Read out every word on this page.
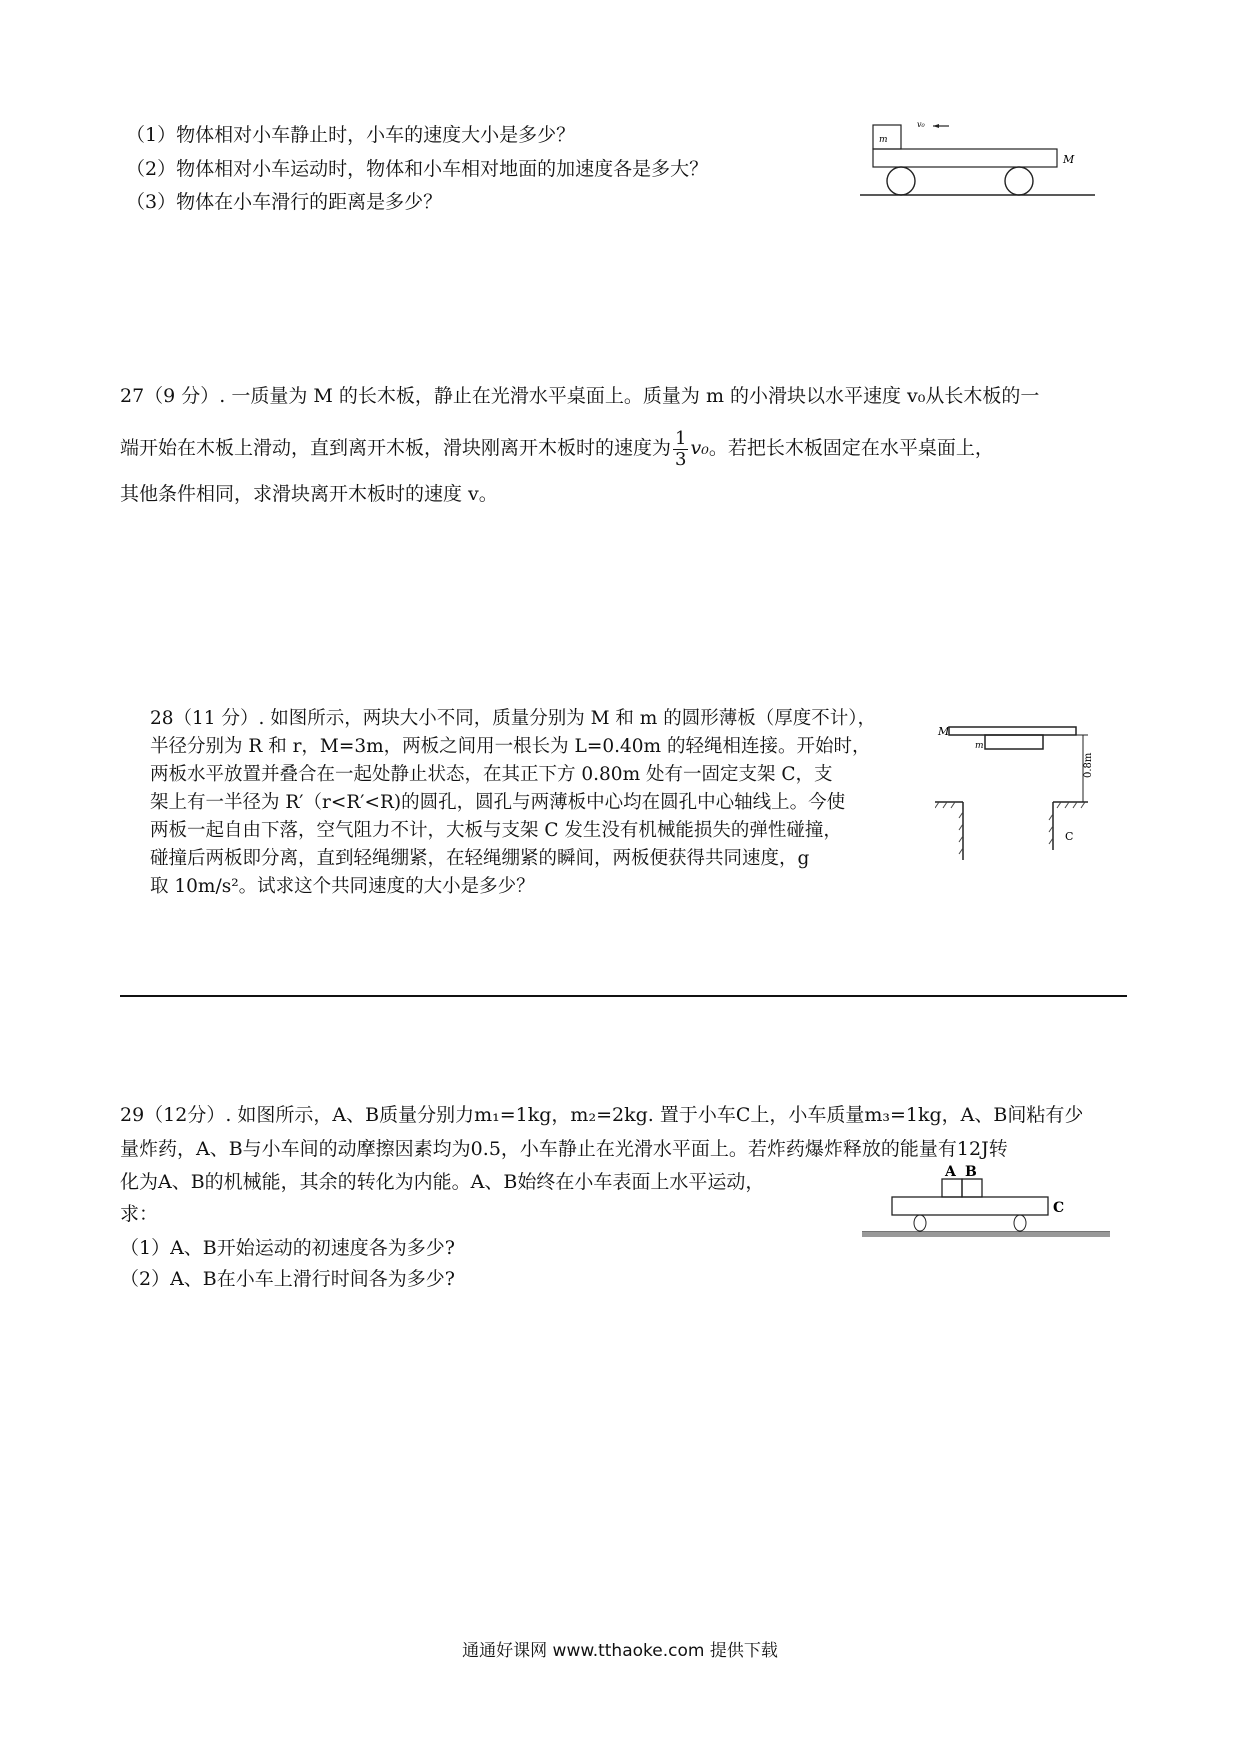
（1）物体相对小车静止时，小车的速度大小是多少？
（2）物体相对小车运动时，物体和小车相对地面的加速度各是多大？
（3）物体在小车滑行的距离是多少？
m
v₀
M
27（9 分）. 一质量为 M 的长木板，静止在光滑水平桌面上。质量为 m 的小滑块以水平速度 v₀从长木板的一
端开始在木板上滑动，直到离开木板，滑块刚离开木板时的速度为 $\frac{1}{3} v_0$。若把长木板固定在水平桌面上，
其他条件相同，求滑块离开木板时的速度 v。
28（11 分）. 如图所示，两块大小不同，质量分别为 M 和 m 的圆形薄板（厚度不计），
半径分别为 R 和 r，M=3m，两板之间用一根长为 L=0.40m 的轻绳相连接。开始时，
两板水平放置并叠合在一起处静止状态，在其正下方 0.80m 处有一固定支架 C，支
架上有一半径为 R′（r<R′<R)的圆孔，圆孔与两薄板中心均在圆孔中心轴线上。今使
两板一起自由下落，空气阻力不计，大板与支架 C 发生没有机械能损失的弹性碰撞，
碰撞后两板即分离，直到轻绳绷紧，在轻绳绷紧的瞬间，两板便获得共同速度，g
取 10m/s²。试求这个共同速度的大小是多少？
M
m
0.8m
C
29（12分）. 如图所示，A、B质量分别力m₁=1kg，m₂=2kg. 置于小车C上，小车质量m₃=1kg，A、B间粘有少
量炸药，A、B与小车间的动摩擦因素均为0.5，小车静止在光滑水平面上。若炸药爆炸释放的能量有12J转
化为A、B的机械能，其余的转化为内能。A、B始终在小车表面上水平运动，
求：
（1）A、B开始运动的初速度各为多少?
（2）A、B在小车上滑行时间各为多少?
A B
C
通通好课网 www.tthaoke.com 提供下载
